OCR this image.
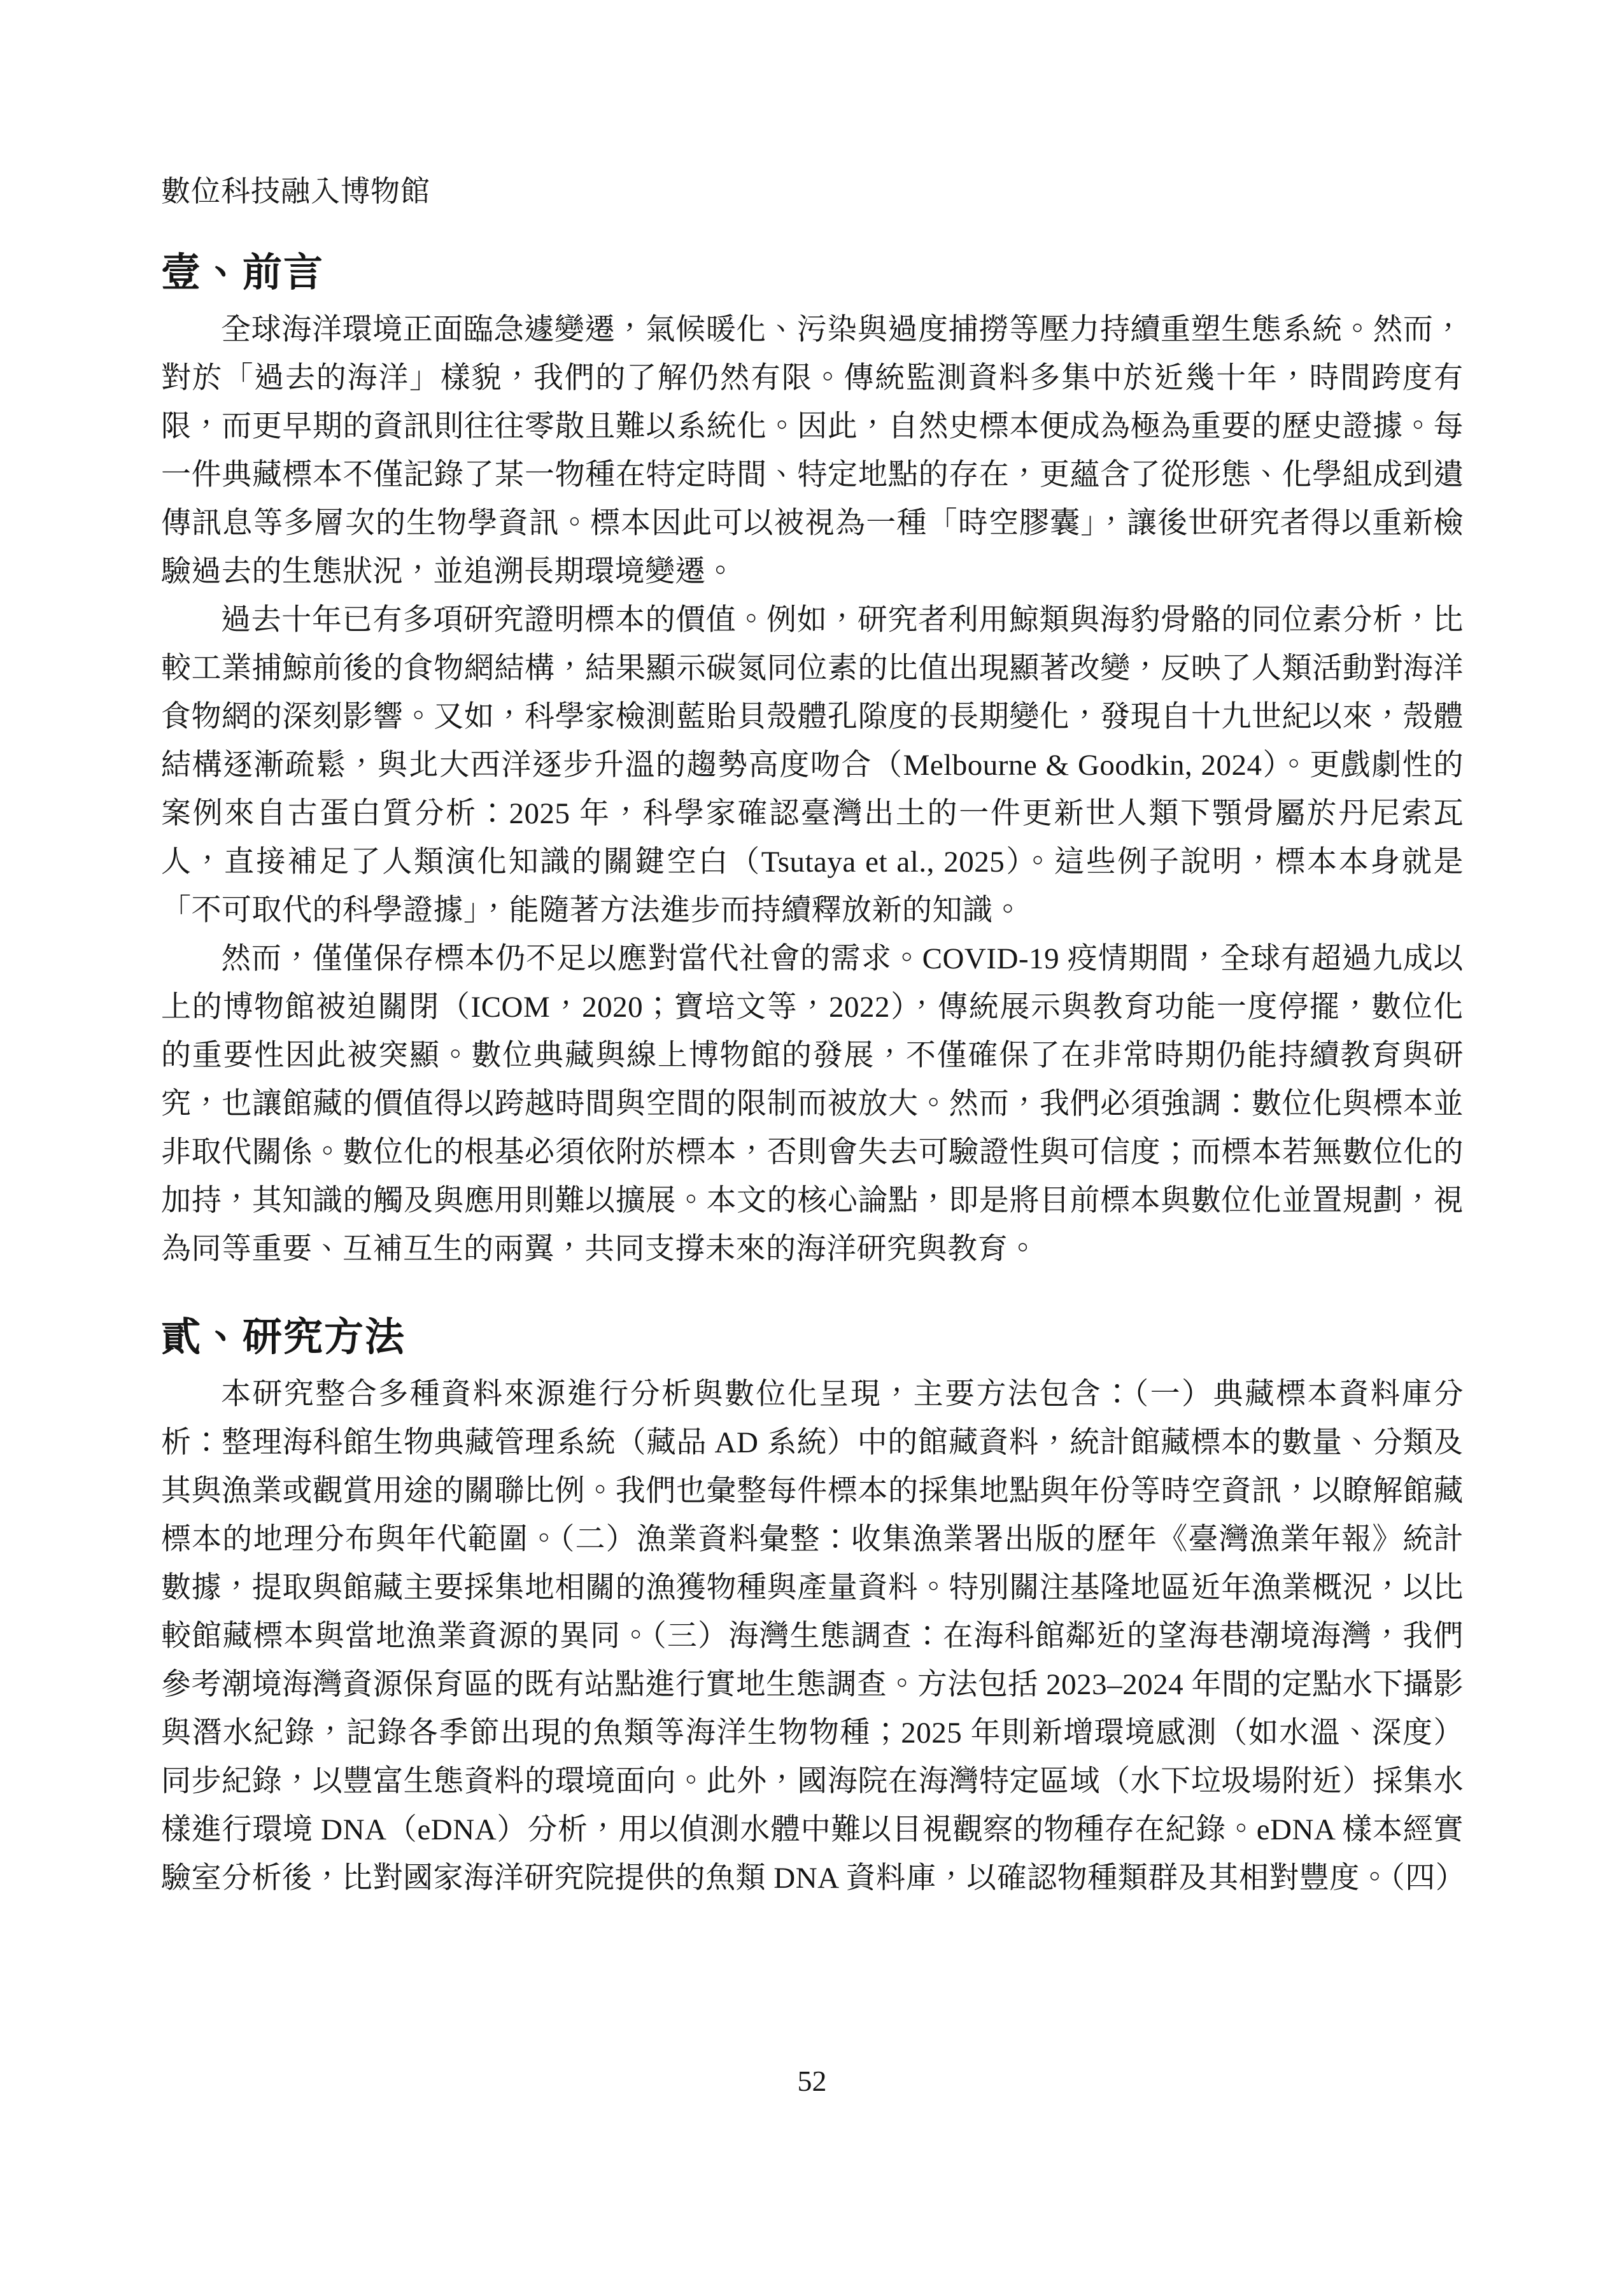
數位科技融入博物館
壹、前言

全球海洋環境正面臨急遽變遷，氣候暖化、污染與過度捕撈等壓力持續重塑生態系統。然而，對於「過去的海洋」樣貌，我們的了解仍然有限。傳統監測資料多集中於近幾十年，時間跨度有限，而更早期的資訊則往往零散且難以系統化。因此，自然史標本便成為極為重要的歷史證據。每一件典藏標本不僅記錄了某一物種在特定時間、特定地點的存在，更蘊含了從形態、化學組成到遺傳訊息等多層次的生物學資訊。標本因此可以被視為一種「時空膠囊」，讓後世研究者得以重新檢驗過去的生態狀況，並追溯長期環境變遷。

過去十年已有多項研究證明標本的價值。例如，研究者利用鯨類與海豹骨骼的同位素分析，比較工業捕鯨前後的食物網結構，結果顯示碳氮同位素的比值出現顯著改變，反映了人類活動對海洋食物網的深刻影響。又如，科學家檢測藍貽貝殼體孔隙度的長期變化，發現自十九世紀以來，殼體結構逐漸疏鬆，與北大西洋逐步升溫的趨勢高度吻合（Melbourne & Goodkin, 2024）。更戲劇性的案例來自古蛋白質分析：2025 年，科學家確認臺灣出土的一件更新世人類下顎骨屬於丹尼索瓦人，直接補足了人類演化知識的關鍵空白（Tsutaya et al., 2025）。這些例子說明，標本本身就是「不可取代的科學證據」，能隨著方法進步而持續釋放新的知識。

然而，僅僅保存標本仍不足以應對當代社會的需求。COVID-19 疫情期間，全球有超過九成以上的博物館被迫關閉（ICOM，2020；寶培文等，2022），傳統展示與教育功能一度停擺，數位化的重要性因此被突顯。數位典藏與線上博物館的發展，不僅確保了在非常時期仍能持續教育與研究，也讓館藏的價值得以跨越時間與空間的限制而被放大。然而，我們必須強調：數位化與標本並非取代關係。數位化的根基必須依附於標本，否則會失去可驗證性與可信度；而標本若無數位化的加持，其知識的觸及與應用則難以擴展。本文的核心論點，即是將目前標本與數位化並置規劃，視為同等重要、互補互生的兩翼，共同支撐未來的海洋研究與教育。

貳、研究方法

本研究整合多種資料來源進行分析與數位化呈現，主要方法包含：（一）典藏標本資料庫分析：整理海科館生物典藏管理系統（藏品 AD 系統）中的館藏資料，統計館藏標本的數量、分類及其與漁業或觀賞用途的關聯比例。我們也彙整每件標本的採集地點與年份等時空資訊，以瞭解館藏標本的地理分布與年代範圍。（二）漁業資料彙整：收集漁業署出版的歷年《臺灣漁業年報》統計數據，提取與館藏主要採集地相關的漁獲物種與產量資料。特別關注基隆地區近年漁業概況，以比較館藏標本與當地漁業資源的異同。（三）海灣生態調查：在海科館鄰近的望海巷潮境海灣，我們參考潮境海灣資源保育區的既有站點進行實地生態調查。方法包括 2023–2024 年間的定點水下攝影與潛水紀錄，記錄各季節出現的魚類等海洋生物物種；2025 年則新增環境感測（如水溫、深度）同步紀錄，以豐富生態資料的環境面向。此外，國海院在海灣特定區域（水下垃圾場附近）採集水樣進行環境 DNA（eDNA）分析，用以偵測水體中難以目視觀察的物種存在紀錄。eDNA 樣本經實驗室分析後，比對國家海洋研究院提供的魚類 DNA 資料庫，以確認物種類群及其相對豐度。（四）

52
